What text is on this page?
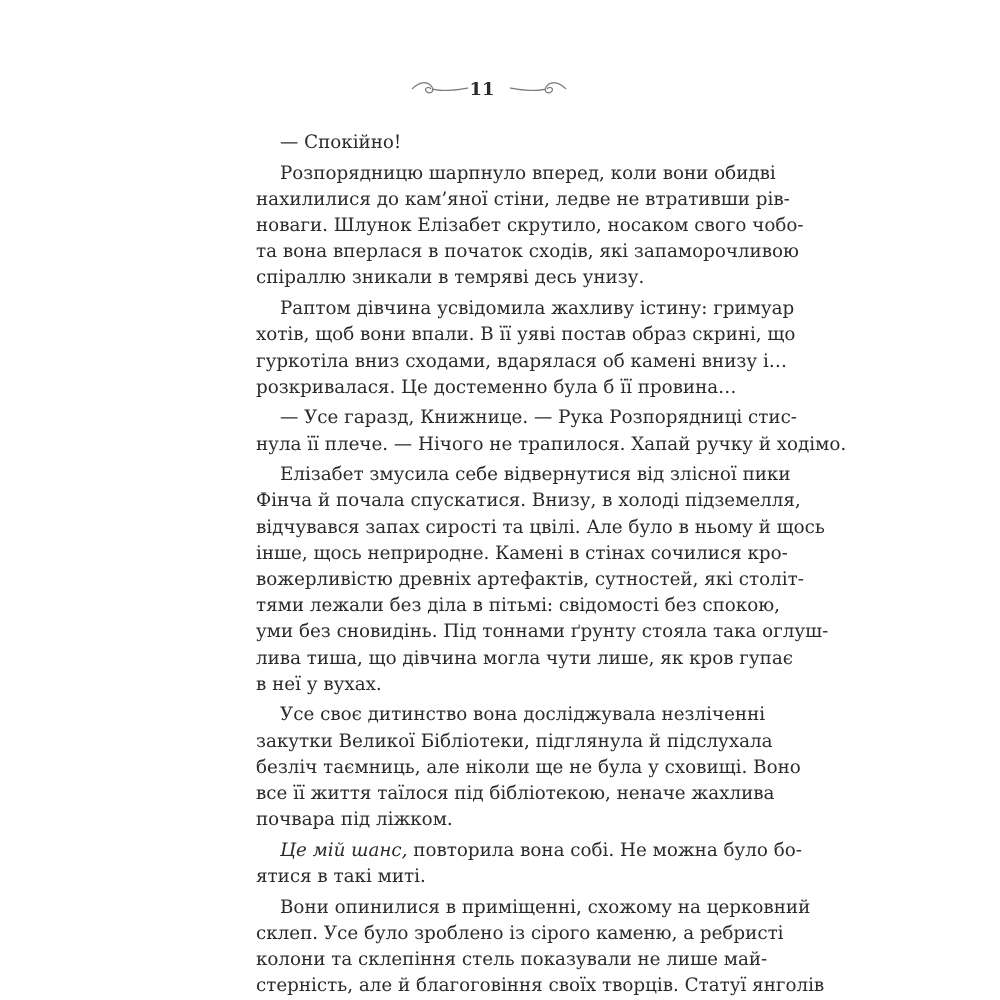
11
— Спокійно!
Розпорядницю шарпнуло вперед, коли вони обидві
нахилилися до кам’яної стіни, ледве не втративши рів-
новаги. Шлунок Елізабет скрутило, носаком свого чобо-
та вона вперлася в початок сходів, які запаморочливою
спіраллю зникали в темряві десь унизу.
Раптом дівчина усвідомила жахливу істину: гримуар
хотів, щоб вони впали. В її уяві постав образ скрині, що
гуркотіла вниз сходами, вдарялася об камені внизу і…
розкривалася. Це достеменно була б її провина…
— Усе гаразд, Книжнице. — Рука Розпорядниці стис-
нула її плече. — Нічого не трапилося. Хапай ручку й ходімо.
Елізабет змусила себе відвернутися від злісної пики
Фінча й почала спускатися. Внизу, в холоді підземелля,
відчувався запах сирості та цвілі. Але було в ньому й щось
інше, щось неприродне. Камені в стінах сочилися кро-
вожерливістю древніх артефактів, сутностей, які століт-
тями лежали без діла в пітьмі: свідомості без спокою,
уми без сновидінь. Під тоннами ґрунту стояла така оглуш-
лива тиша, що дівчина могла чути лише, як кров гупає
в неї у вухах.
Усе своє дитинство вона досліджувала незліченні
закутки Великої Бібліотеки, підглянула й підслухала
безліч таємниць, але ніколи ще не була у сховищі. Воно
все її життя таїлося під бібліотекою, неначе жахлива
почвара під ліжком.
Це мій шанс, повторила вона собі. Не можна було бо-
ятися в такі миті.
Вони опинилися в приміщенні, схожому на церковний
склеп. Усе було зроблено із сірого каменю, а ребристі
колони та склепіння стель показували не лише май-
стерність, але й благоговіння своїх творців. Статуї янголів
